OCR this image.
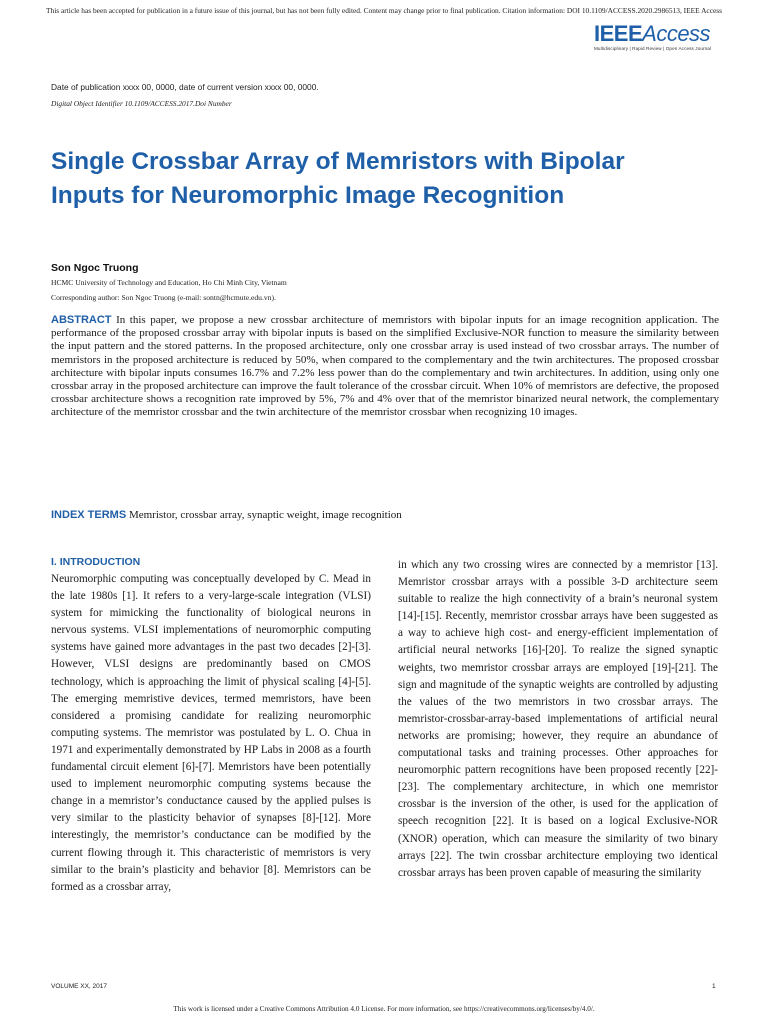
This article has been accepted for publication in a future issue of this journal, but has not been fully edited. Content may change prior to final publication. Citation information: DOI 10.1109/ACCESS.2020.2986513, IEEE Access
IEEEAccess
Multidisciplinary | Rapid Review | Open Access Journal
Date of publication xxxx 00, 0000, date of current version xxxx 00, 0000.
Digital Object Identifier 10.1109/ACCESS.2017.Doi Number
Single Crossbar Array of Memristors with Bipolar Inputs for Neuromorphic Image Recognition
Son Ngoc Truong
HCMC University of Technology and Education, Ho Chi Minh City, Vietnam
Corresponding author: Son Ngoc Truong (e-mail: sontn@hcmute.edu.vn).
ABSTRACT In this paper, we propose a new crossbar architecture of memristors with bipolar inputs for an image recognition application. The performance of the proposed crossbar array with bipolar inputs is based on the simplified Exclusive-NOR function to measure the similarity between the input pattern and the stored patterns. In the proposed architecture, only one crossbar array is used instead of two crossbar arrays. The number of memristors in the proposed architecture is reduced by 50%, when compared to the complementary and the twin architectures. The proposed crossbar architecture with bipolar inputs consumes 16.7% and 7.2% less power than do the complementary and twin architectures. In addition, using only one crossbar array in the proposed architecture can improve the fault tolerance of the crossbar circuit. When 10% of memristors are defective, the proposed crossbar architecture shows a recognition rate improved by 5%, 7% and 4% over that of the memristor binarized neural network, the complementary architecture of the memristor crossbar and the twin architecture of the memristor crossbar when recognizing 10 images.
INDEX TERMS Memristor, crossbar array, synaptic weight, image recognition
I. INTRODUCTION
Neuromorphic computing was conceptually developed by C. Mead in the late 1980s [1]. It refers to a very-large-scale integration (VLSI) system for mimicking the functionality of biological neurons in nervous systems. VLSI implementations of neuromorphic computing systems have gained more advantages in the past two decades [2]-[3]. However, VLSI designs are predominantly based on CMOS technology, which is approaching the limit of physical scaling [4]-[5]. The emerging memristive devices, termed memristors, have been considered a promising candidate for realizing neuromorphic computing systems. The memristor was postulated by L. O. Chua in 1971 and experimentally demonstrated by HP Labs in 2008 as a fourth fundamental circuit element [6]-[7]. Memristors have been potentially used to implement neuromorphic computing systems because the change in a memristor’s conductance caused by the applied pulses is very similar to the plasticity behavior of synapses [8]-[12]. More interestingly, the memristor’s conductance can be modified by the current flowing through it. This characteristic of memristors is very similar to the brain’s plasticity and behavior [8]. Memristors can be formed as a crossbar array,
in which any two crossing wires are connected by a memristor [13]. Memristor crossbar arrays with a possible 3-D architecture seem suitable to realize the high connectivity of a brain’s neuronal system [14]-[15]. Recently, memristor crossbar arrays have been suggested as a way to achieve high cost- and energy-efficient implementation of artificial neural networks [16]-[20]. To realize the signed synaptic weights, two memristor crossbar arrays are employed [19]-[21]. The sign and magnitude of the synaptic weights are controlled by adjusting the values of the two memristors in two crossbar arrays. The memristor-crossbar-array-based implementations of artificial neural networks are promising; however, they require an abundance of computational tasks and training processes. Other approaches for neuromorphic pattern recognitions have been proposed recently [22]-[23]. The complementary architecture, in which one memristor crossbar is the inversion of the other, is used for the application of speech recognition [22]. It is based on a logical Exclusive-NOR (XNOR) operation, which can measure the similarity of two binary arrays [22]. The twin crossbar architecture employing two identical crossbar arrays has been proven capable of measuring the similarity
VOLUME XX, 2017	1
This work is licensed under a Creative Commons Attribution 4.0 License. For more information, see https://creativecommons.org/licenses/by/4.0/.
